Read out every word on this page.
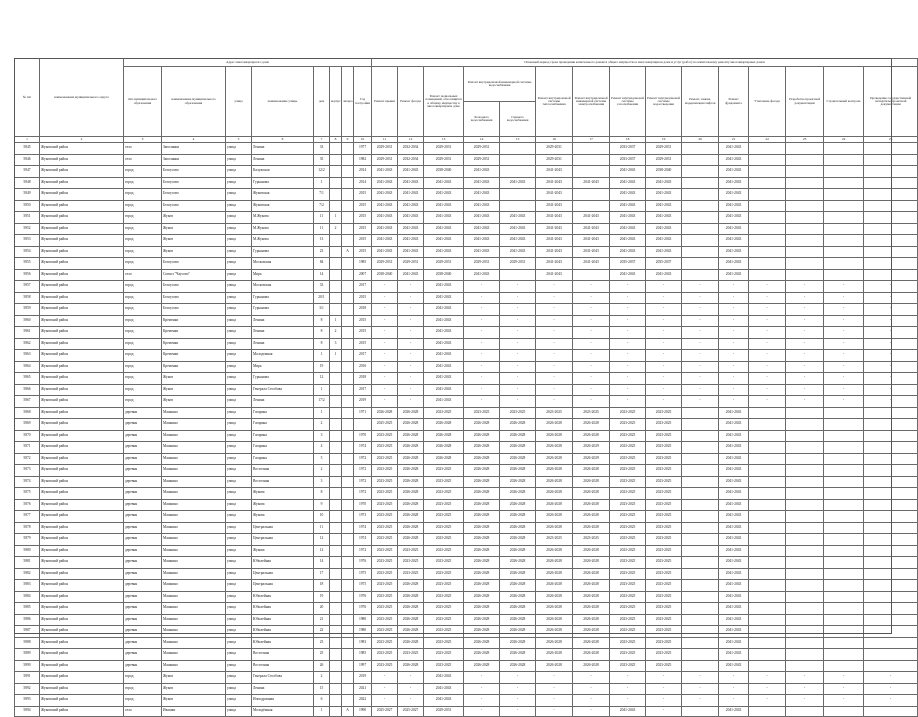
№ п/п	наименование муниципального округа	Адрес многоквартирного дома								Плановый период срока проведения капитального ремонта общего имущества в многоквартирном доме и услуг (работ) по капитальному ремонту многоквартирных домов														
		тип муниципального образования	наименование муниципального образования	улица	наименование улицы	дом	корпус	литера	Год постройки	Ремонт крыши	Ремонт фасада	Ремонт подвальных помещений, относящихся к общему имуществу в многоквартирном доме	Ремонт внутридомовой инженерной системы водоснабжения		Ремонт внутридомовой системы теплоснабжения	Ремонт внутридомовой инженерной системы электроснабжения	Ремонт внутридомовой системы газоснабжения	Ремонт внутридомовой системы водоотведения	Ремонт, замена, модернизация лифтов	Ремонт фундамента	Утепление фасада	Разработка проектной документации	Строительный контроль	Проведение государственной экспертизы проектной документации
													Холодного водоснабжения	Горячего водоснабжения										
1	2	3	4	5	6	7	8	9	10	11	12	13	14	15	16	17	18	19	20	21	22	23	24	25
5845	Жуковский район	село	Заполянки	улица	Ленина	33			1977	2029-2031	2032-2034	2029-2031	2029-2031		2029-2031		2033-2037	2029-2031		2041-2043				
5846	Жуковский район	село	Заполянки	улица	Ленина	35			1982	2029-2031	2032-2034	2029-2031	2029-2031		2029-2031		2033-2037	2029-2031		2041-2043				
5847	Жуковский район	город	Белоусово	улица	Калужская	12/2			2014	2041-2043	2041-2043	2038-2040	2041-2043		2041-2043		2041-2043	2038-2040		2041-2043				
5848	Жуковский район	город	Белоусово	улица	Гурьянова	1			2014	2041-2043	2041-2043	2041-2043	2041-2043	2041-2043	2041-2043	2041-2043	2041-2043	2041-2043		2041-2043				
5849	Жуковский район	город	Белоусово	улица	Жуковская	7/1			2015	2041-2043	2041-2043	2041-2043	2041-2043		2041-2043		2041-2043	2041-2043		2041-2043				
5850	Жуковский район	город	Белоусово	улица	Жуковская	7/2			2015	2041-2043	2041-2043	2041-2043	2041-2043		2041-2043		2041-2043	2041-2043		2041-2043				
5851	Жуковский район	город	Жуков	улица	М.Жукова	11	1		2015	2041-2043	2041-2043	2041-2043	2041-2043	2041-2043	2041-2043	2041-2043	2041-2043	2041-2043		2041-2043				
5852	Жуковский район	город	Жуков	улица	М.Жукова	11	2		2015	2041-2043	2041-2043	2041-2043	2041-2043	2041-2043	2041-2043	2041-2043	2041-2043	2041-2043		2041-2043				
5853	Жуковский район	город	Жуков	улица	М.Жукова	13			2015	2041-2043	2041-2043	2041-2043	2041-2043	2041-2043	2041-2043	2041-2043	2041-2043	2041-2043		2041-2043				
5854	Жуковский район	город	Жуков	улица	Гурьянова	23		А	2015	2041-2043	2041-2043	2041-2043	2041-2043	2041-2043	2041-2043	2041-2043	2041-2043	2041-2043		2041-2043				
5855	Жуковский район	город	Белоусово	улица	Московская	84			1985	2029-2031	2029-2031	2029-2031	2029-2031	2029-2031	2041-2043	2041-2043	2035-2037	2035-2037		2041-2043				
5856	Жуковский район	село	Совхоз "Чаусово"	улица	Мира	14			2007	2038-2040	2041-2043	2038-2040	2041-2043		2041-2043		2041-2043	2041-2043		2041-2043				
5857	Жуковский район	город	Белоусово	улица	Московская	33			2017	-	-	2041-2043	-	-	-	-	-	-	-	-	-	-	-	-
5858	Жуковский район	город	Белоусово	улица	Гурьянова	20/1			2015	-	-	2041-2043	-	-	-	-	-	-	-	-	-	-	-	-
5859	Жуковский район	город	Белоусово	улица	Гурьянова	3/1			2018	-	-	2041-2043	-	-	-	-	-	-	-	-	-	-	-	-
5860	Жуковский район	город	Кременки	улица	Ленина	8	1		2015	-	-	2041-2043	-	-	-	-	-	-	-	-	-	-	-	-
5861	Жуковский район	город	Кременки	улица	Ленина	8	2		2015	-	-	2041-2043	-	-	-	-	-	-	-	-	-	-	-	-
5862	Жуковский район	город	Кременки	улица	Ленина	8	3		2015	-	-	2041-2043	-	-	-	-	-	-	-	-	-	-	-	-
5863	Жуковский район	город	Кременки	улица	Молодежная	1	1		2017	-	-	2041-2043	-	-	-	-	-	-	-	-	-	-	-	-
5864	Жуковский район	город	Кременки	улица	Мира	19			2016	-	-	2041-2043	-	-	-	-	-	-	-	-	-	-	-	-
5865	Жуковский район	город	Жуков	улица	Гурьянова	12			2018	-	-	2041-2043	-	-	-	-	-	-	-	-	-	-	-	-
5866	Жуковский район	город	Жуков	улица	Генерала Столбова	1			2017	-	-	2041-2043	-	-	-	-	-	-	-	-	-	-	-	-
5867	Жуковский район	город	Жуков	улица	Ленина	17/2			2019	-	-	2041-2043	-	-	-	-	-	-	-	-	-	-	-	-
5868	Жуковский район	деревня	Машкино	улица	Гагарина	1			1971	2026-2028	2026-2028	2023-2025	2023-2025	2023-2025	2023-2025	2023-2025	2023-2025	2023-2025		2041-2043				
5869	Жуковский район	деревня	Машкино	улица	Гагарина	2				2025-2025	2026-2028	2026-2028	2026-2028	2026-2028	2026-2028	2026-2028	2023-2025	2023-2025		2041-2043				
5870	Жуковский район	деревня	Машкино	улица	Гагарина	3			1970	2023-2025	2026-2028	2026-2028	2026-2028	2026-2028	2026-2028	2026-2028	2023-2025	2023-2025		2041-2043				
5871	Жуковский район	деревня	Машкино	улица	Гагарина	4			1974	2023-2025	2026-2028	2026-2028	2026-2028	2026-2028	2026-2028	2026-2029	2023-2025	2023-2025		2041-2043				
5872	Жуковский район	деревня	Машкино	улица	Гагарина	5			1972	2023-2025	2026-2028	2026-2028	2026-2028	2026-2028	2026-2028	2026-2029	2023-2025	2023-2025		2041-2043				
5873	Жуковский район	деревня	Машкино	улица	Восточная	2			1972	2023-2025	2026-2028	2023-2025	2026-2028	2026-2028	2026-2028	2026-2028	2023-2025	2023-2025		2041-2043				
5874	Жуковский район	деревня	Машкино	улица	Восточная	3			1972	2023-2025	2026-2028	2023-2025	2026-2028	2026-2028	2026-2028	2026-2028	2023-2025	2023-2025		2041-2043				
5875	Жуковский район	деревня	Машкино	улица	Жукова	8			1972	2023-2025	2026-2028	2023-2025	2026-2028	2026-2028	2026-2028	2026-2028	2023-2025	2023-2025		2041-2043				
5876	Жуковский район	деревня	Машкино	улица	Жукова	9			1970	2023-2025	2026-2028	2023-2025	2026-2028	2026-2028	2026-2028	2026-2028	2023-2025	2023-2025		2041-2043				
5877	Жуковский район	деревня	Машкино	улица	Жукова	10			1973	2023-2025	2026-2028	2023-2025	2026-2028	2026-2028	2026-2028	2026-2028	2023-2025	2023-2025		2041-2043				
5878	Жуковский район	деревня	Машкино	улица	Центральная	11			1974	2023-2025	2026-2028	2023-2025	2026-2028	2026-2028	2026-2028	2026-2028	2023-2025	2023-2025		2041-2043				
5879	Жуковский район	деревня	Машкино	улица	Центральная	12			1974	2023-2025	2026-2028	2023-2025	2026-2028	2026-2028	2023-2025	2023-2025	2023-2025	2023-2025		2041-2043				
5880	Жуковский район	деревня	Машкино	улица	Жукова	12			1972	2023-2025	2023-2025	2023-2025	2026-2028	2026-2028	2026-2028	2026-2028	2023-2025	2023-2025		2041-2043				
5881	Жуковский район	деревня	Машкино	улица	Юбилейная	14			1976	2023-2025	2023-2025	2023-2025	2026-2028	2026-2028	2026-2028	2026-2028	2023-2025	2023-2025		2041-2043				
5882	Жуковский район	деревня	Машкино	улица	Центральная	17			1975	2023-2025	2023-2025	2023-2025	2026-2028	2026-2028	2026-2028	2026-2028	2023-2025	2023-2025		2041-2043				
5883	Жуковский район	деревня	Машкино	улица	Центральная	18			1975	2023-2025	2026-2028	2023-2025	2026-2028	2026-2028	2026-2028	2026-2028	2023-2025	2023-2025		2041-2043				
5884	Жуковский район	деревня	Машкино	улица	Юбилейная	19			1976	2023-2025	2026-2028	2023-2025	2026-2028	2026-2028	2026-2028	2026-2028	2023-2025	2023-2025		2041-2043				
5885	Жуковский район	деревня	Машкино	улица	Юбилейная	20			1976	2023-2025	2026-2028	2023-2025	2026-2028	2026-2028	2026-2028	2026-2028	2023-2025	2023-2025		2041-2043				
5886	Жуковский район	деревня	Машкино	улица	Юбилейная	21			1980	2023-2025	2026-2028	2023-2025	2026-2028	2026-2028	2026-2028	2026-2028	2023-2025	2023-2025		2041-2043				
5887	Жуковский район	деревня	Машкино	улица	Юбилейная	22			1980	2023-2025	2026-2028	2023-2025	2026-2028	2026-2028	2026-2028	2026-2028	2023-2025	2023-2025		2041-2043				
5888	Жуковский район	деревня	Машкино	улица	Юбилейная	23			1983	2023-2025	2026-2028	2023-2025	2026-2028	2026-2028	2026-2028	2026-2028	2023-2025	2023-2025		2041-2043				
5889	Жуковский район	деревня	Машкино	улица	Восточная	25			1985	2023-2025	2023-2025	2023-2025	2026-2028	2026-2028	2026-2028	2026-2028	2023-2025	2023-2025		2041-2043				
5890	Жуковский район	деревня	Машкино	улица	Восточная	26			1997	2023-2025	2026-2028	2023-2025	2026-2028	2026-2028	2026-2028	2026-2028	2023-2025	2023-2025		2041-2043				
5891	Жуковский район	город	Жуков	улица	Генерала Столбова	2			2019	-	-	2041-2043	-	-	-	-	-	-	-	-	-	-	-	-
5892	Жуковский район	город	Жуков	улица	Ленина	15			2021	-	-	2041-2043	-	-	-	-	-	-	-	-	-	-	-	-
5893	Жуковский район	город	Жуков	улица	Ипподромная	6			2022	-	-	2041-2043	-	-	-	-	-	-	-	-	-	-	-	-
5894	Жуковский район	село	Ивашки	улица	Молодёжная	1		А	1990	2025-2027	2025-2027	2029-2031	-	-	-	-	2041-2043	-		2041-2043				
